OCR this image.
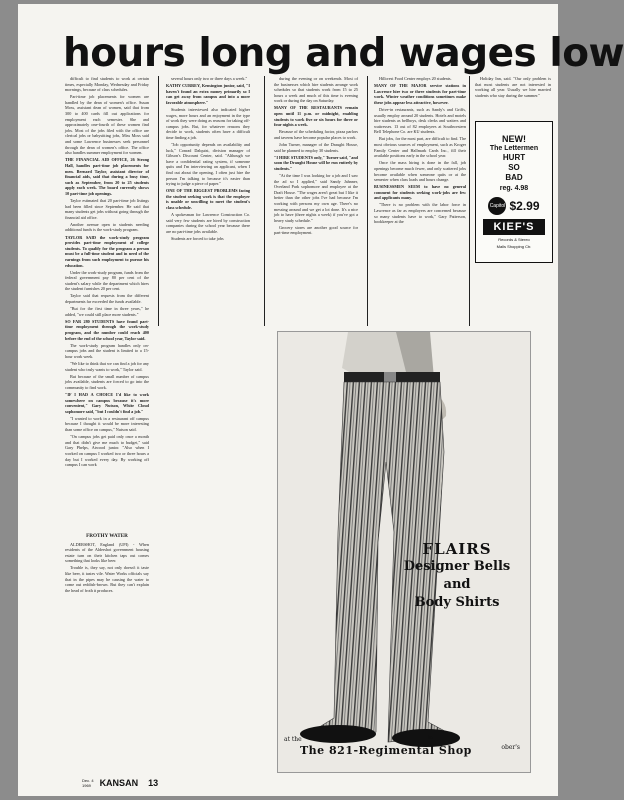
hours long and wages low

difficult to find students to work at certain times, especially Monday, Wednesday and Friday mornings, because of class schedules.

Part-time job placements for women are handled by the dean of women's office. Susan Moss, assistant dean of women, said that from 300 to 400 cards fill out applications for employment each semester. She and approximately one-fourth of these women find jobs. Most of the jobs filed with the office are clerical jobs or babysitting jobs, Miss Moss said and some Lawrence businesses seek personnel through the dean of women's office. The office also handles summer employment for women.

THE FINANCIAL AID OFFICE, 26 Strong Hall, handles part-time job placements for men. Bernard Taylor, assistant director of financial aids, said that during a busy time, such as September, from 20 to 25 students apply each week. The board currently shows 10 part-time job openings.

Taylor estimated that 20 part-time job listings had been filled since September. He said that many students get jobs without going through the financial aid office.

Another avenue open to students needing additional funds is the work-study program.

TAYLOR SAID the work-study program provides part-time employment of college students. To qualify for the program a person must be a full-time student and in need of the earnings from such employment to pursue his education.

Under the work-study program, funds from the federal government pay 80 per cent of the student's salary while the department which hires the student furnishes 20 per cent.

Taylor said that requests from the different departments far exceeded the funds available.

"But for the first time in three years," he added, "we could still place more students."

SO FAR 280 STUDENTS have found part-time employment through the work-study program, and the number could reach 400 before the end of the school year, Taylor said.

The work-study program handles only on-campus jobs and the student is limited to a 15-hour work week.

"We like to think that we can find a job for any student who truly wants to work," Taylor said.

But because of the small number of campus jobs available, students are forced to go into the community to find work.

"IF I HAD A CHOICE I'd like to work somewhere on campus because it's more convenient," Gary Nutson, White Cloud sophomore said, "but I couldn't find a job."

"I wanted to work in a restaurant off campus because I thought it would be more interesting than some office on campus," Nutson said.

"On campus jobs get paid only once a month and that didn't give me much to budget," said Gary Phelps, Atwood junior. "Also when I worked on campus I worked two or three hours a day but I worked every day. By working off campus I can work

FROTHY WATER

ALDERSHOT, England (UPI) - When residents of the Aldershot government housing estate turn on their kitchen taps out comes something that looks like beer.

Trouble is, they say, not only doesn't it taste like beer, it tastes vile. Water Works officials say that in the pipes may be causing the water to come out reddish-brown. But they can't explain the head of froth it produces.

several hours only two or three days a week."

KATHY CURREY, Kensington junior, said, "I haven't found an extra money primarily so I can get away from campus and into a more favorable atmosphere."

Students interviewed also indicated higher wages, more hours and an enjoyment in the type of work they were doing as reasons for taking off-campus jobs. But, for whatever reasons they decide to work, students often have a difficult time finding a job.

"Job opportunity depends on availability and luck," Conrad Dalquist, division manager of Gibson's Discount Center, said. "Although we have a confidential rating system, if someone quits and I'm interviewing an applicant, when I find out about the opening, I often just hire the person I'm talking to because it's easier than trying to judge a piece of paper."

ONE OF THE BIGGEST PROBLEMS facing the student seeking work is that the employer is unable or unwilling to meet the student's class schedule.

A spokesman for Lawrence Construction Co. said very few students are hired by construction companies during the school year because there are no part-time jobs available.

Students are forced to take jobs

during the evening or on weekends. Most of the businesses which hire students arrange work schedules so that students work from 15 to 25 hours a week and much of this time is evening work or during the day on Saturday.

MANY OF THE RESTAURANTS remain open until 11 p.m. or midnight, enabling students to work five or six hours for three or four nights a week.

Because of the scheduling factor, pizza parlors and taverns have become popular places to work.

John Turner, manager of the Draught House, said he planned to employ 30 students.

"I HIRE STUDENTS only," Turner said, "and soon the Draught House will be run entirely by students."

"At the time I was looking for a job and I saw the ad so I applied," said Sandy Jahnner, Overland Park sophomore and employee at the Draft House. "The wages aren't great but I like it better than the other jobs I've had because I'm working with persons my own age. There's no messing around and we get a lot done. It's a nice job to have (three nights a week) if you've got a heavy study schedule."

Grocery stores are another good source for part-time employment.

Hillcrest Food Center employs 20 students.

MANY OF THE MAJOR service stations in Lawrence hire two or three students for part-time work. Winter weather conditions sometimes make these jobs appear less attractive, however.

Drive-in restaurants, such as Sandy's and Griffs, usually employ around 20 students. Hotels and motels hire students as bellboys, desk clerks and waiters and waitresses. 13 out of 82 employees at Southwestern Bell Telephone Co. are KU students.

But jobs, for the most part, are difficult to find. The most obvious sources of employment, such as Kroger Family Center and Hallmark Cards Inc., fill their available positions early in the school year.

Once the mass hiring is done in the fall, job openings become much fewer, and only scattered jobs become available when someone quits or at the semester when class loads and hours change.

BUSINESSMEN SEEM to have no general comment for students seeking work-jobs are few and applicants many.

"There is no problem with the labor force in Lawrence as far as employers are concerned because so many students have to work," Gary Patterson, bookkeeper at the

Holiday Inn, said. "Our only problem is that most students are not interested in working all year. Usually we hire married students who stay during the summer."

NEW!
The Lettermen
HURT
SO
BAD
reg. 4.98
Capitol $2.99
KIEF'S
Records & Stereo
Malls Shopping Ctr.
FLAIRS
Designer Bells
and
Body Shirts
at the
The 821-Regimental Shop
in
ober's
Dec. 4
1969 KANSAN 13
